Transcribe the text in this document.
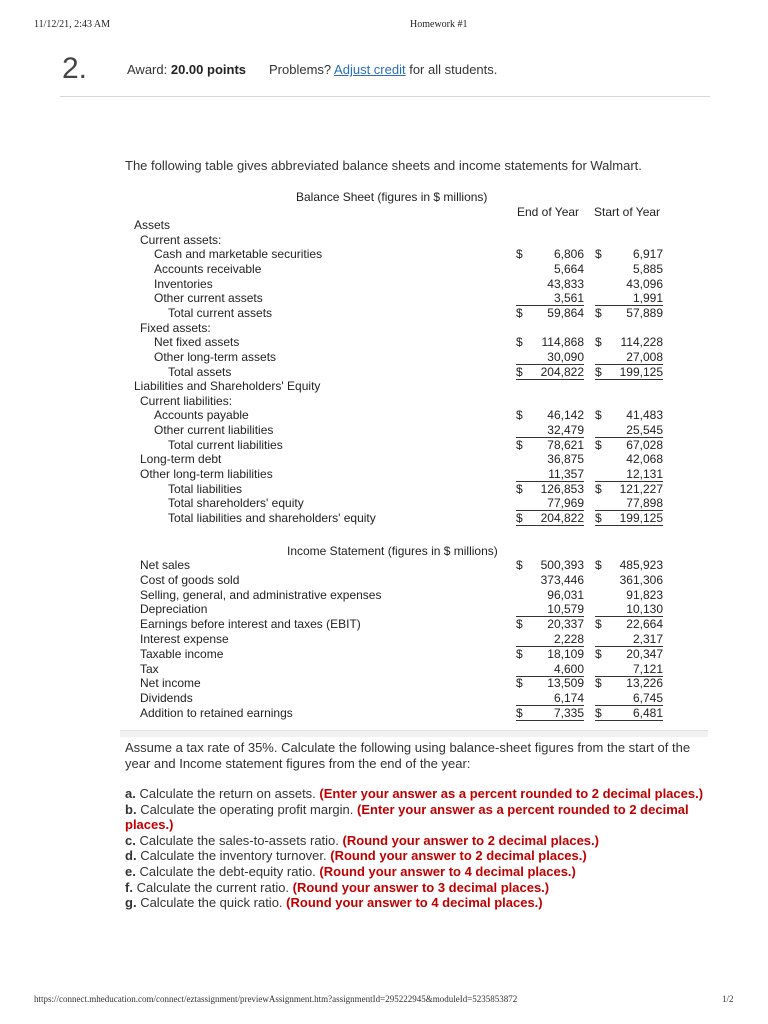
11/12/21, 2:43 AM	Homework #1
2.	Award: 20.00 points Problems? Adjust credit for all students.
The following table gives abbreviated balance sheets and income statements for Walmart.
Balance Sheet (figures in $ millions)
End of Year Start of Year
Assets
Current assets:
Cash and marketable securities	$	6,806 $	6,917
Accounts receivable	5,664	5,885
Inventories	43,833	43,096
Other current assets	3,561	1,991
Total current assets	$ 59,864 $ 57,889
Fixed assets:
Net fixed assets	$ 114,868 $ 114,228
Other long-term assets	30,090	27,008
Total assets	$ 204,822 $ 199,125
Liabilities and Shareholders' Equity
Current liabilities:
Accounts payable	$ 46,142 $ 41,483
Other current liabilities	32,479	25,545
Total current liabilities	$ 78,621 $ 67,028
Long-term debt	36,875	42,068
Other long-term liabilities	11,357	12,131
Total liabilities	$ 126,853 $ 121,227
Total shareholders' equity	77,969	77,898
Total liabilities and shareholders' equity	$ 204,822 $ 199,125
Income Statement (figures in $ millions)
Net sales	$ 500,393 $ 485,923
Cost of goods sold	373,446	361,306
Selling, general, and administrative expenses	96,031	91,823
Depreciation	10,579	10,130
Earnings before interest and taxes (EBIT)	$ 20,337 $ 22,664
Interest expense	2,228	2,317
Taxable income	$ 18,109 $ 20,347
Tax	4,600	7,121
Net income	$ 13,509 $ 13,226
Dividends	6,174	6,745
Addition to retained earnings	$	7,335 $	6,481
Assume a tax rate of 35%. Calculate the following using balance-sheet figures from the start of the year and Income statement figures from the end of the year:
a. Calculate the return on assets. (Enter your answer as a percent rounded to 2 decimal places.)
b. Calculate the operating profit margin. (Enter your answer as a percent rounded to 2 decimal places.)
c. Calculate the sales-to-assets ratio. (Round your answer to 2 decimal places.)
d. Calculate the inventory turnover. (Round your answer to 2 decimal places.)
e. Calculate the debt-equity ratio. (Round your answer to 4 decimal places.)
f. Calculate the current ratio. (Round your answer to 3 decimal places.)
g. Calculate the quick ratio. (Round your answer to 4 decimal places.)
https://connect.mheducation.com/connect/eztassignment/previewAssignment.htm?assignmentId=295222945&moduleId=5235853872	1/2
